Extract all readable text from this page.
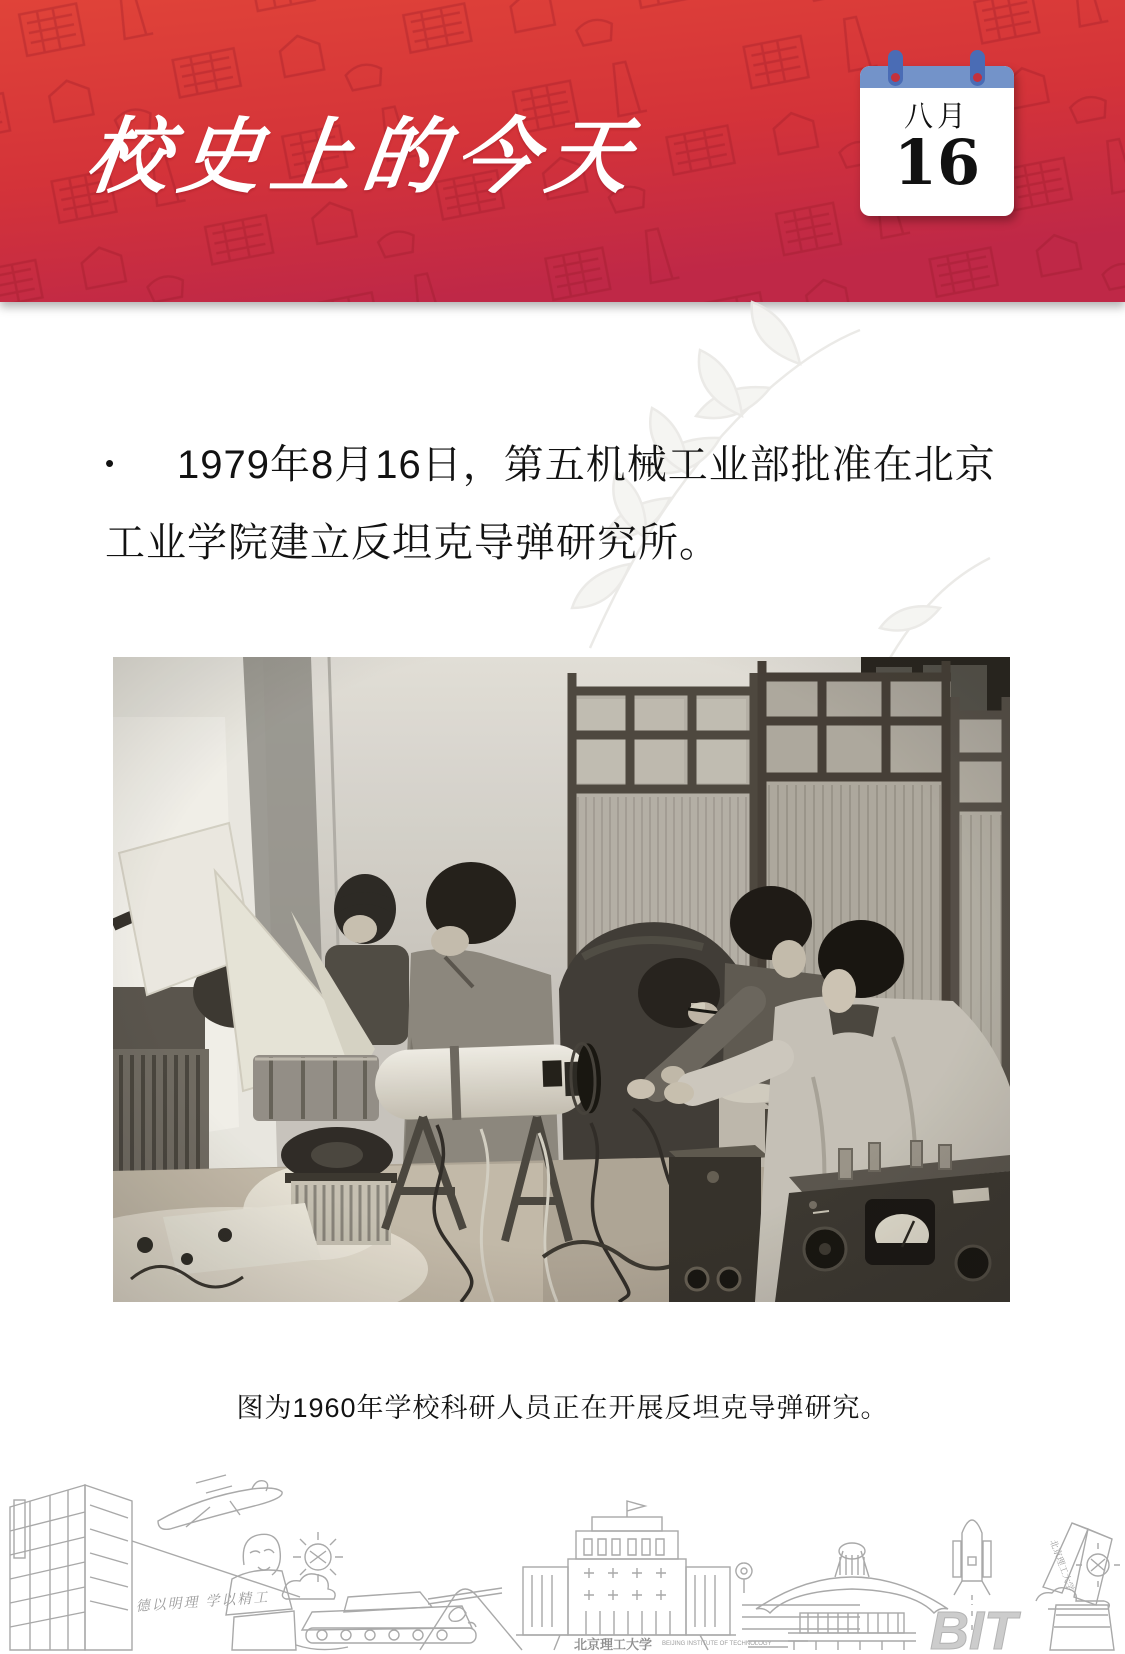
校史上的今天	八月
16
• 1979年8月16日，第五机械工业部批准在北京
工业学院建立反坦克导弹研究所。
图为1960年学校科研人员正在开展反坦克导弹研究。
德以明理 学以精工
北京理工大学 BEIJING INSTITUTE OF TECHNOLOGY	BIT
北京理工大学
